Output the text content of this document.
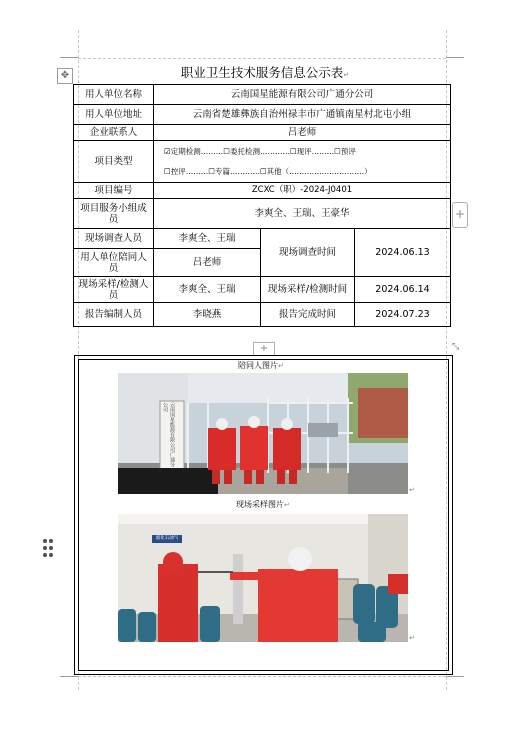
✥	职业卫生技术服务信息公示表↵
用人单位名称	云南国星能源有限公司广通分公司		
用人单位地址	云南省楚雄彝族自治州禄丰市广通镇南星村北屯小组		
企业联系人	吕老师		
项目类型	☑定期检测………☐委托检测…………☐现评………☐预评
☐控评………☐专篇…………☐其他（…………………………）		

项目编号	ZCXC（职）-2024-J0401		
项目服务小组成员	李爽全、王瑞、王豪华		
现场调查人员	李爽全、王瑞	现场调查时间	2024.06.13
用人单位陪同人员	吕老师		
现场采样/检测人员	李爽全、王瑞	现场采样/检测时间	2024.06.14
报告编制人员	李晓燕	报告完成时间	2024.07.23
+
+	⤡
陪同人图片↵
云南国星能源有限公司广通分公司
↵
现场采样图片↵
液化石油气
↵
